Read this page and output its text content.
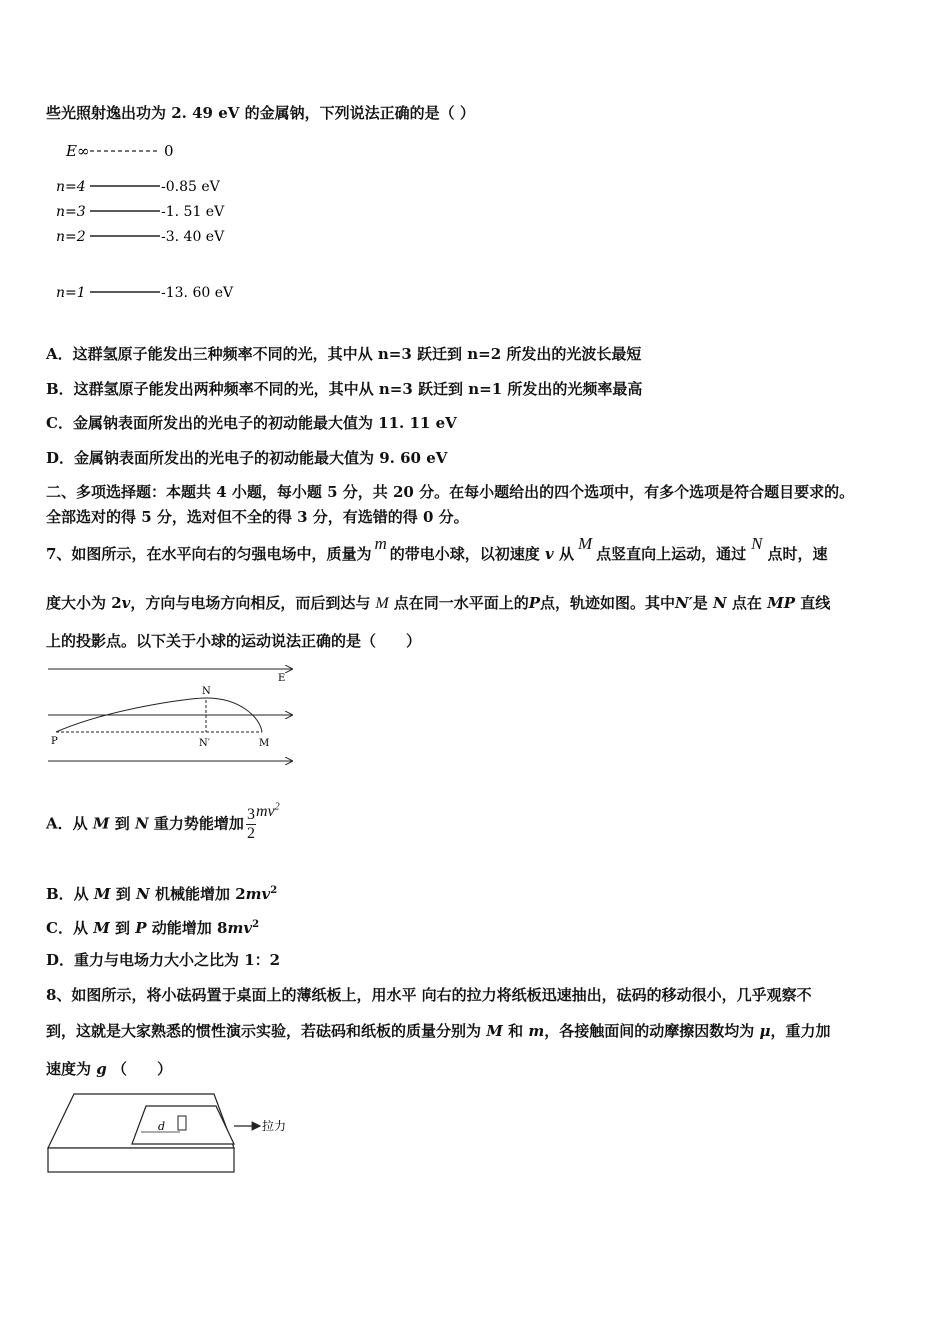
些光照射逸出功为 2. 49 eV 的金属钠，下列说法正确的是（ ）
E∞	0
n=4	-0.85 eV
n=3	-1. 51 eV
n=2	-3. 40 eV
n=1	-13. 60 eV
A．这群氢原子能发出三种频率不同的光，其中从 n=3 跃迁到 n=2 所发出的光波长最短
B．这群氢原子能发出两种频率不同的光，其中从 n=3 跃迁到 n=1 所发出的光频率最高
C．金属钠表面所发出的光电子的初动能最大值为 11. 11 eV
D．金属钠表面所发出的光电子的初动能最大值为 9. 60 eV
二、多项选择题：本题共 4 小题，每小题 5 分，共 20 分。在每小题给出的四个选项中，有多个选项是符合题目要求的。
全部选对的得 5 分，选对但不全的得 3 分，有选错的得 0 分。
7、如图所示，在水平向右的匀强电场中，质量为m的带电小球，以初速度 v 从M点竖直向上运动，通过N点时，速
度大小为 2v，方向与电场方向相反，而后到达与 M 点在同一水平面上的P点，轨迹如图。其中N′是 N 点在 MP 直线
上的投影点。以下关于小球的运动说法正确的是（　　）
E
N
P	N′	M
A．从 M 到 N 重力势能增加 $\frac{3}{2} mv^2$
B．从 M 到 N 机械能增加 $2mv^2$
C．从 M 到 P 动能增加 $8mv^2$
D．重力与电场力大小之比为 1：2
8、如图所示，将小砝码置于桌面上的薄纸板上，用水平 向右的拉力将纸板迅速抽出，砝码的移动很小，几乎观察不
到，这就是大家熟悉的惯性演示实验，若砝码和纸板的质量分别为 M 和 m，各接触面间的动摩擦因数均为 μ，重力加
速度为 g （　　）
d	拉力
